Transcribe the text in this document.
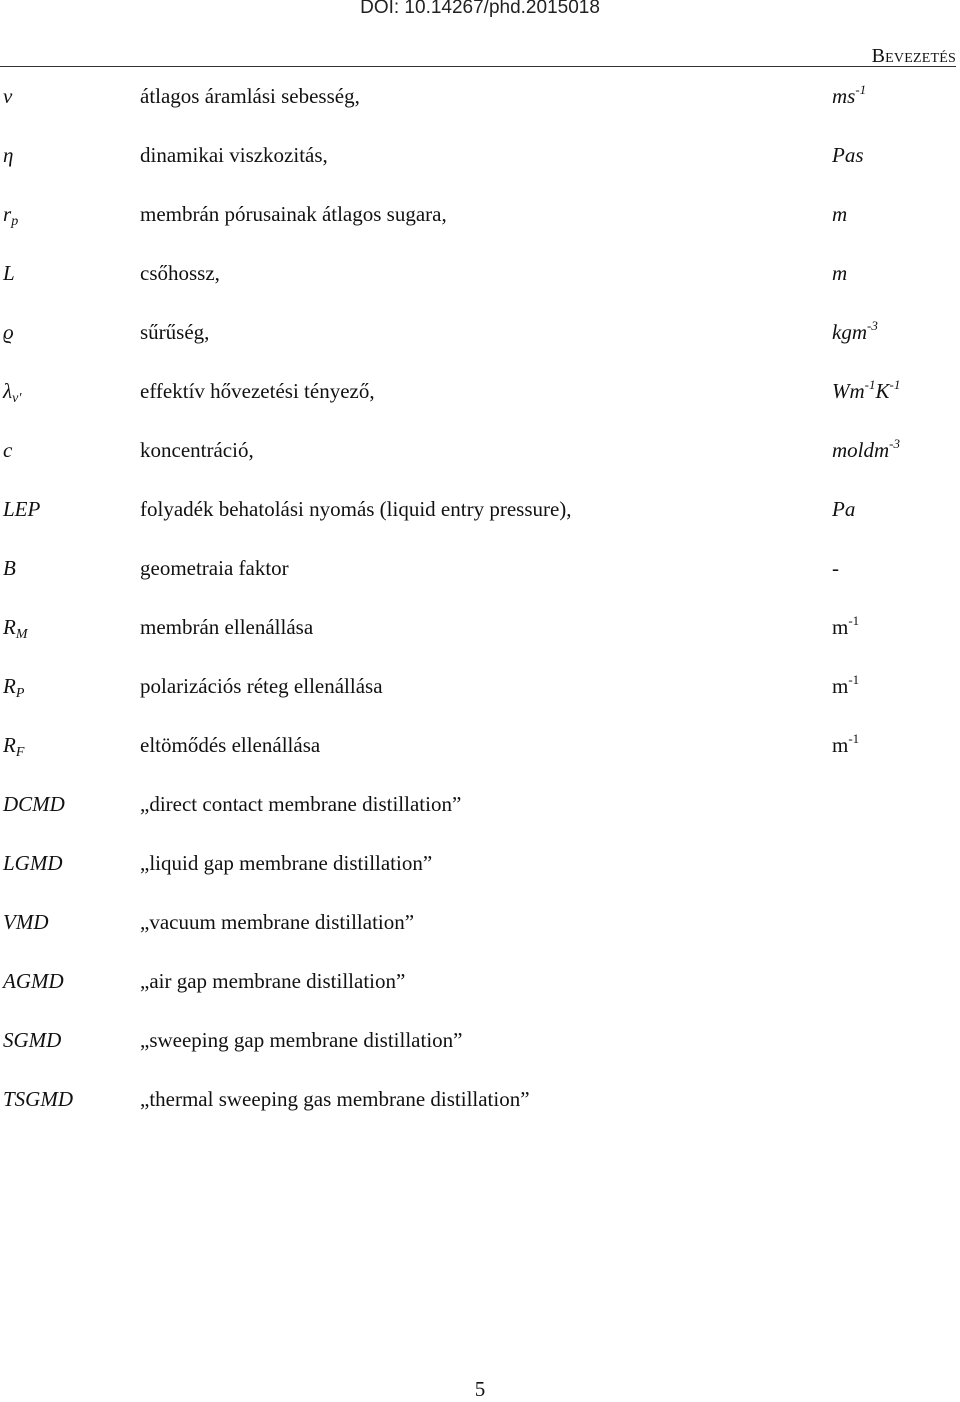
DOI: 10.14267/phd.2015018
Bevezetés
v	átlagos áramlási sebesség,	$ms^{-1}$
η	dinamikai viszkozitás,	Pas
$r_p$	membrán pórusainak átlagos sugara,	m
L	csőhossz,	m
ϱ	sűrűség,	kgm$^{-3}$
$\lambda_{v'}$	effektív hővezetési tényező,	$Wm^{-1}K^{-1}$
c	koncentráció,	moldm$^{-3}$
LEP	folyadék behatolási nyomás (liquid entry pressure),	Pa
B	geometraia faktor	-
$R_M$	membrán ellenállása	$m^{-1}$
$R_P$	polarizációs réteg ellenállása	$m^{-1}$
$R_F$	eltömődés ellenállása	$m^{-1}$
DCMD	„direct contact membrane distillation”
LGMD	„liquid gap membrane distillation”
VMD	„vacuum membrane distillation”
AGMD	„air gap membrane distillation”
SGMD	„sweeping gap membrane distillation”
TSGMD	„thermal sweeping gas membrane distillation”
5
